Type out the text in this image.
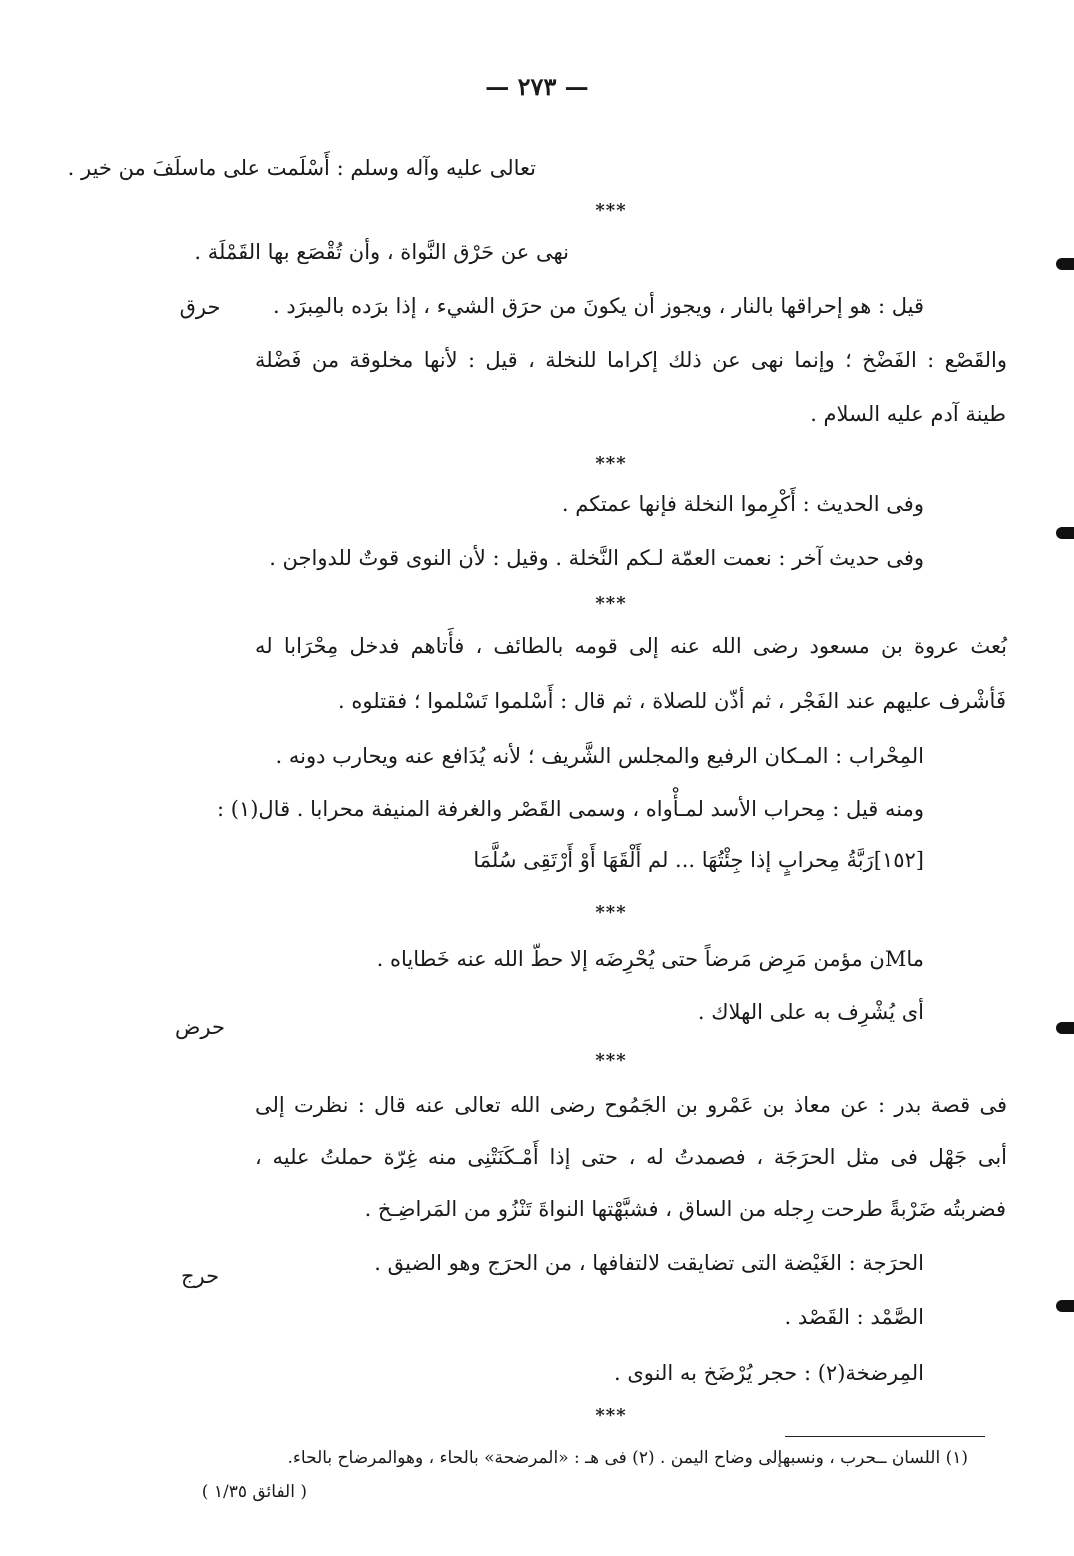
— ٢٧٣ —
تعالى عليه وآله وسلم : أَسْلَمت على ماسلَفَ من خير .
***
نهى عن حَرْق النَّواة ، وأن تُقْصَع بها القَمْلَة .
قيل : هو إحراقها بالنار ، ويجوز أن يكونَ من حرَق الشيء ، إذا برَده بالمِبرَد .
والقَصْع : الفَضْخ ؛ وإنما نهى عن ذلك إكراما للنخلة ، قيل : لأنها مخلوقة من فَضْلة
طينة آدم عليه السلام .
***
وفى الحديث : أَكْرِموا النخلة فإنها عمتكم .
وفى حديث آخر : نعمت العمّة لـكم النَّخلة . وقيل : لأن النوى قوتٌ للدواجن .
***
بُعث عروة بن مسعود رضى الله عنه إلى قومه بالطائف ، فأَتاهم فدخل مِحْرَابا له
فَأشْرف عليهم عند الفَجْر ، ثم أذّن للصلاة ، ثم قال : أَسْلموا تَسْلموا ؛ فقتلوه .
المِحْراب : المـكان الرفيع والمجلس الشَّريف ؛ لأنه يُدَافع عنه ويحارب دونه .
ومنه قيل : مِحراب الأسد لمـأْواه ، وسمى القَصْر والغرفة المنيفة محرابا . قال(١) :
[١٥٢]رَبَّةُ مِحرابٍ إذا جِئْتُهَا ... لم أَلْقَهَا أَوْ أَرْتَقِى سُلَّمَا
***
ماMن مؤمن مَرِض مَرضاً حتى يُحْرِضَه إلا حطّ الله عنه خَطاياه .
أى يُشْرِف به على الهلاك .
***
فى قصة بدر : عن معاذ بن عَمْرو بن الجَمُوح رضى الله تعالى عنه قال : نظرت إلى
أبى جَهْل فى مثل الحرَجَة ، فصمدتُ له ، حتى إذا أَمْـكَنَتْنِى منه غِرّة حملتُ عليه ،
فضربتُه ضَرْبةً طرحت رِجله من الساق ، فشبَّهْتها النواةَ تَنْزُو من المَراضِـخ .
الحرَجة : الغَيْضة التى تضايقت لالتفافها ، من الحرَج وهو الضيق .
الصَّمْد : القَصْد .
المِرضخة(٢) : حجر يُرْضَخ به النوى .
***
حرق
حرض
حرج
(١) اللسان ــحرب ، ونسبهإلى وضاح اليمن . (٢) فى هـ : «المرضحة» بالحاء ، وهوالمرضاح بالحاء.
( الفائق ١/٣٥ )
